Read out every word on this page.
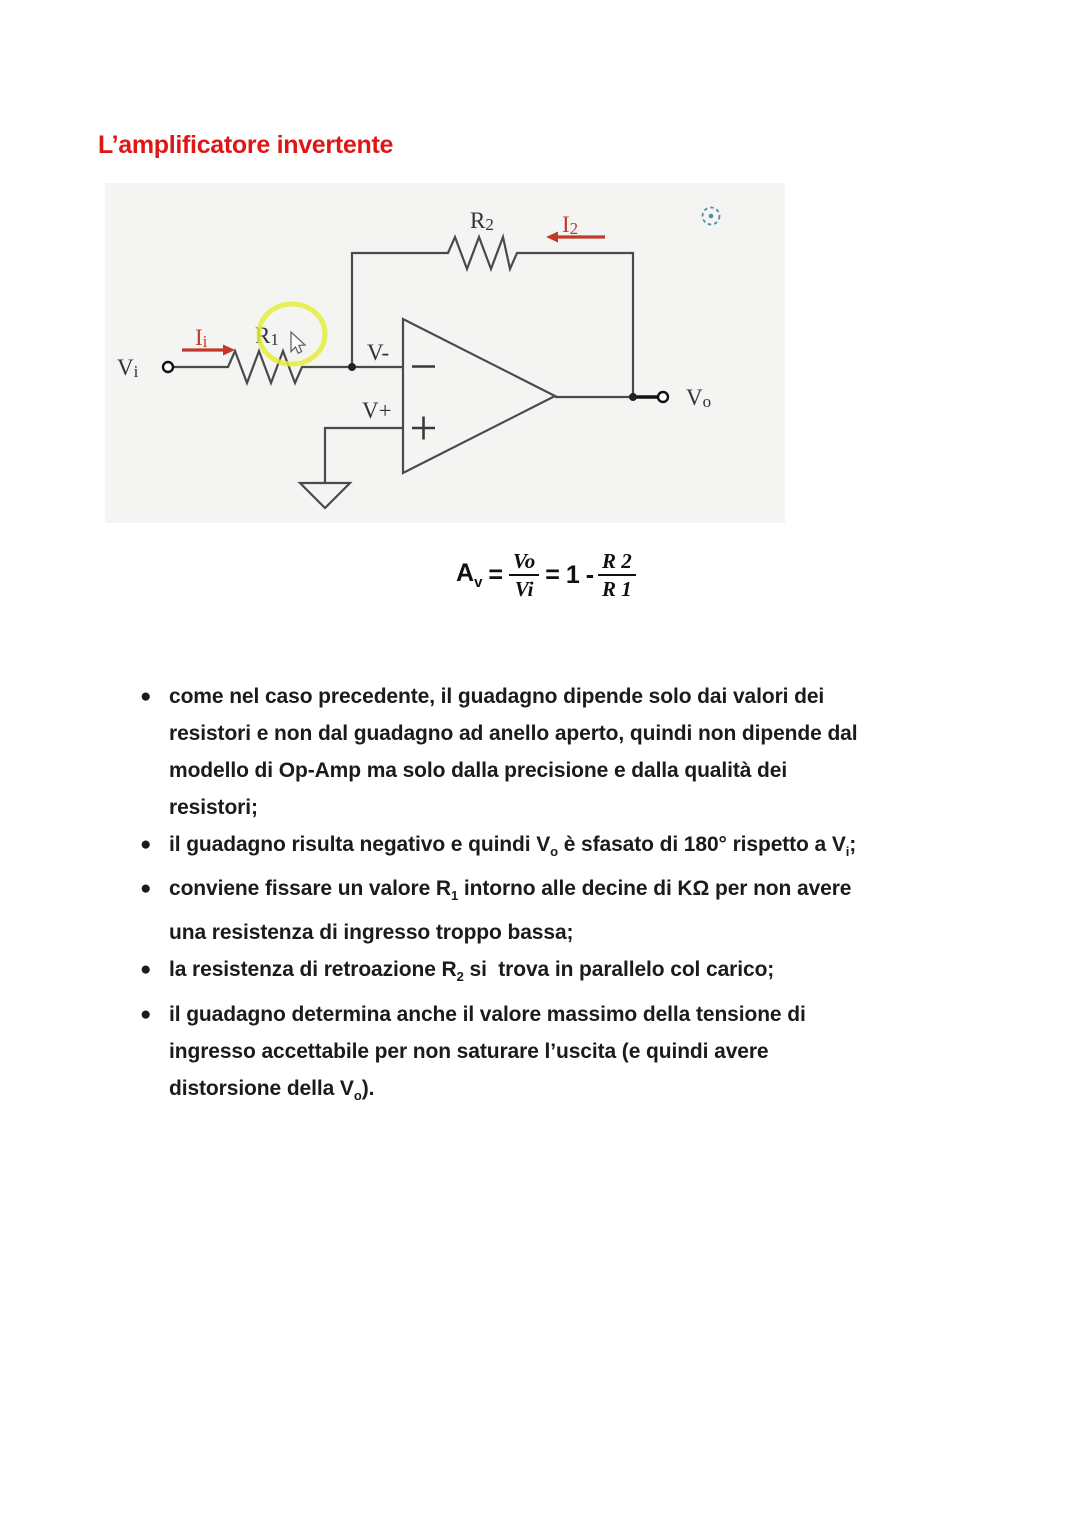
L’amplificatore invertente
Vi
Ii R1
V-
V+
R2	I2
Vo
$A_v = \frac{Vo}{Vi} = 1 - \frac{R 2}{R 1}$
● come nel caso precedente, il guadagno dipende solo dai valori dei
resistori e non dal guadagno ad anello aperto, quindi non dipende dal
modello di Op-Amp ma solo dalla precisione e dalla qualità dei
resistori;
● il guadagno risulta negativo e quindi $V_o$ è sfasato di 180° rispetto a $V_i$;
● conviene fissare un valore $R_1$ intorno alle decine di KΩ per non avere
una resistenza di ingresso troppo bassa;
● la resistenza di retroazione $R_2$ si  trova in parallelo col carico;
● il guadagno determina anche il valore massimo della tensione di
ingresso accettabile per non saturare l’uscita (e quindi avere
distorsione della $V_o$).
